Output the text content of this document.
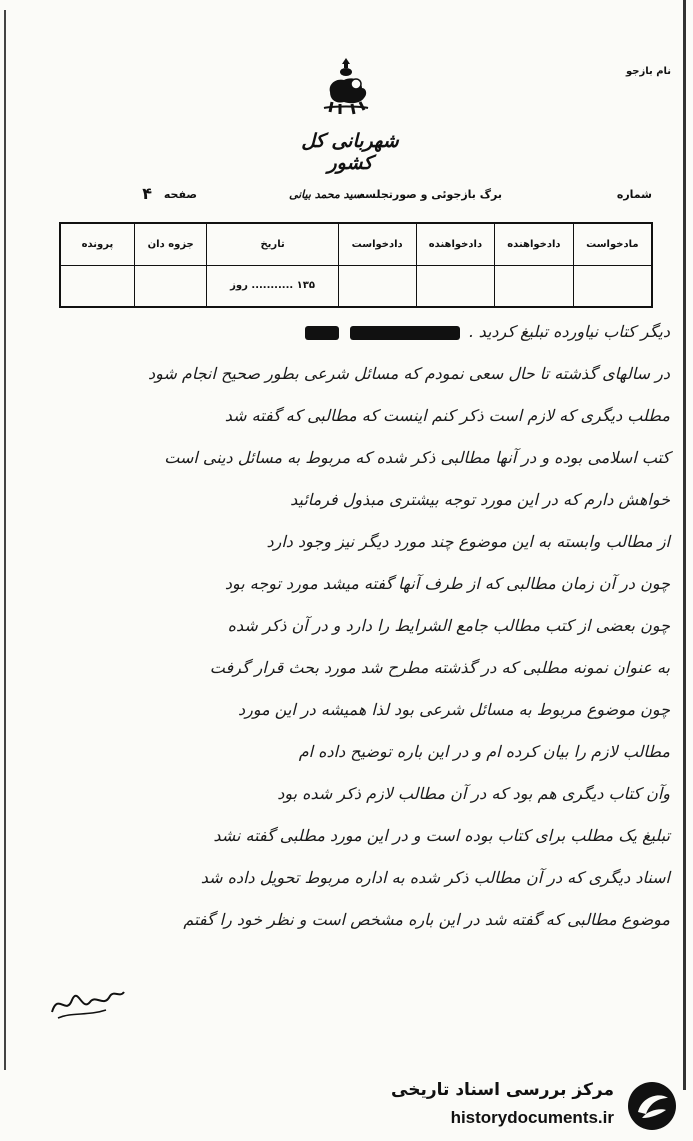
نام بازجو
شهربانی کل کشور
شماره
برگ بازجوئی و صورتجلسه
سید محمد بیانی
صفحه
۴
پرونده	جزوه دان	تاریخ	دادخواست	دادخواهنده	دادخواهنده	مادخواست
		۱۳۵ ........... روز				
دیگر کتاب نیاورده تبلیغ کردید .
در سالهای گذشته تا حال سعی نمودم که مسائل شرعی بطور صحیح انجام شود
مطلب دیگری که لازم است ذکر کنم اینست که مطالبی که گفته شد
کتب اسلامی بوده و در آنها مطالبی ذکر شده که مربوط به مسائل دینی است
خواهش دارم که در این مورد توجه بیشتری مبذول فرمائید
از مطالب وابسته به این موضوع چند مورد دیگر نیز وجود دارد
چون در آن زمان مطالبی که از طرف آنها گفته میشد مورد توجه بود
چون بعضی از کتب مطالب جامع الشرایط را دارد و در آن ذکر شده
به عنوان نمونه مطلبی که در گذشته مطرح شد مورد بحث قرار گرفت
چون موضوع مربوط به مسائل شرعی بود لذا همیشه در این مورد
مطالب لازم را بیان کرده ام و در این باره توضیح داده ام
وآن کتاب دیگری هم بود که در آن مطالب لازم ذکر شده بود
تبلیغ یک مطلب برای کتاب بوده است و در این مورد مطلبی گفته نشد
اسناد دیگری که در آن مطالب ذکر شده به اداره مربوط تحویل داده شد
موضوع مطالبی که گفته شد در این باره مشخص است و نظر خود را گفتم
مرکز بررسی اسناد تاریخی
historydocuments.ir
